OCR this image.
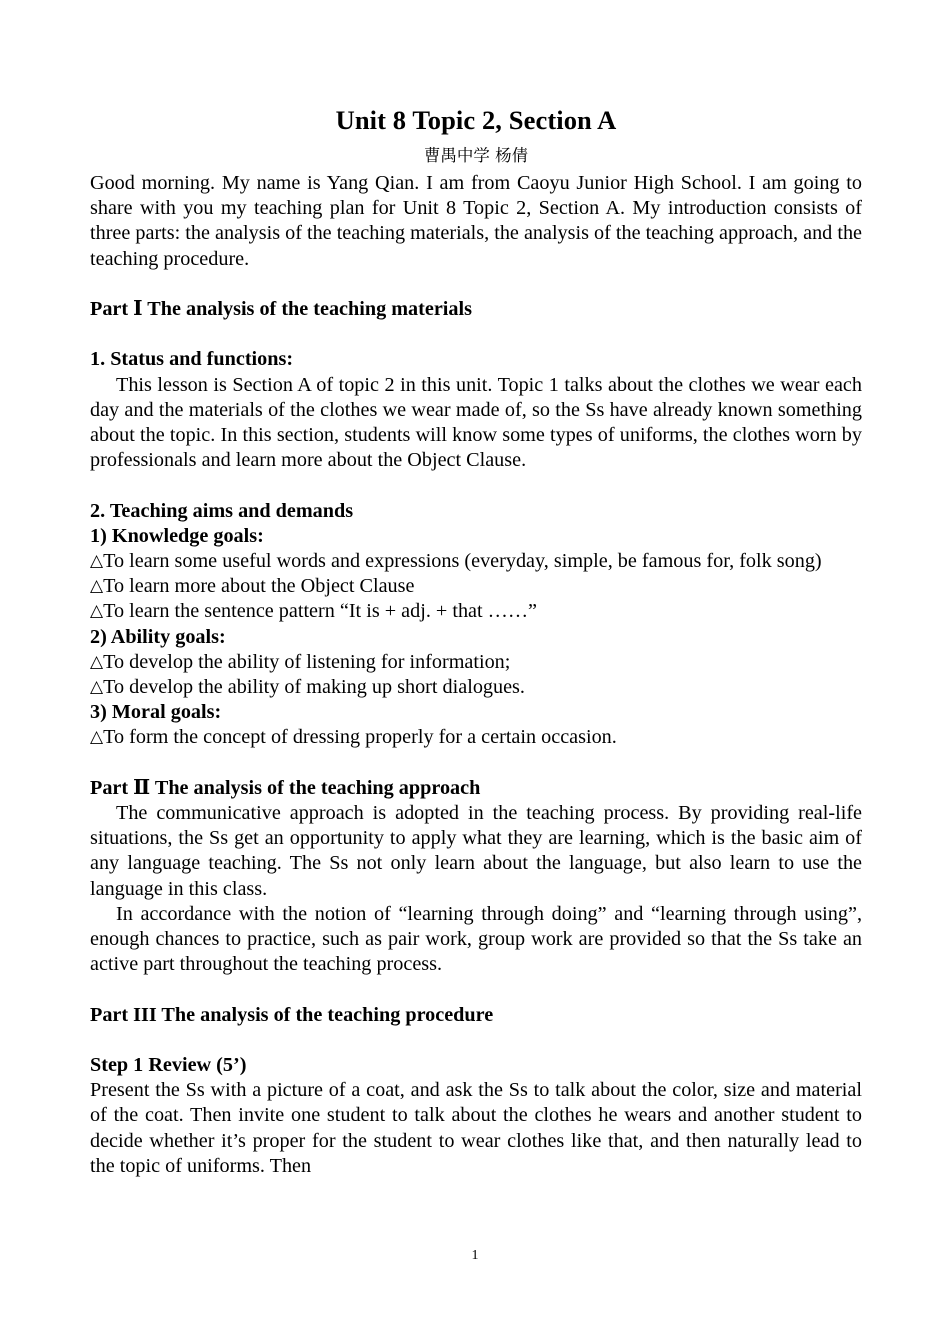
Unit 8 Topic 2, Section A
曹禺中学 杨倩

Good morning. My name is Yang Qian. I am from Caoyu Junior High School. I am going to share with you my teaching plan for Unit 8 Topic 2, Section A. My introduction consists of three parts: the analysis of the teaching materials, the analysis of the teaching approach, and the teaching procedure.

Part Ⅰ The analysis of the teaching materials
1. Status and functions:

This lesson is Section A of topic 2 in this unit. Topic 1 talks about the clothes we wear each day and the materials of the clothes we wear made of, so the Ss have already known something about the topic. In this section, students will know some types of uniforms, the clothes worn by professionals and learn more about the Object Clause.

2. Teaching aims and demands
1) Knowledge goals:

△To learn some useful words and expressions (everyday, simple, be famous for, folk song)

△To learn more about the Object Clause

△To learn the sentence pattern “It is + adj. + that ……”

2) Ability goals:

△To develop the ability of listening for information;

△To develop the ability of making up short dialogues.

3) Moral goals:

△To form the concept of dressing properly for a certain occasion.

Part Ⅱ The analysis of the teaching approach

The communicative approach is adopted in the teaching process. By providing real-life situations, the Ss get an opportunity to apply what they are learning, which is the basic aim of any language teaching. The Ss not only learn about the language, but also learn to use the language in this class.

In accordance with the notion of “learning through doing” and “learning through using”, enough chances to practice, such as pair work, group work are provided so that the Ss take an active part throughout the teaching process.

Part III The analysis of the teaching procedure
Step 1 Review (5’)

Present the Ss with a picture of a coat, and ask the Ss to talk about the color, size and material of the coat. Then invite one student to talk about the clothes he wears and another student to decide whether it’s proper for the student to wear clothes like that, and then naturally lead to the topic of uniforms. Then

1
